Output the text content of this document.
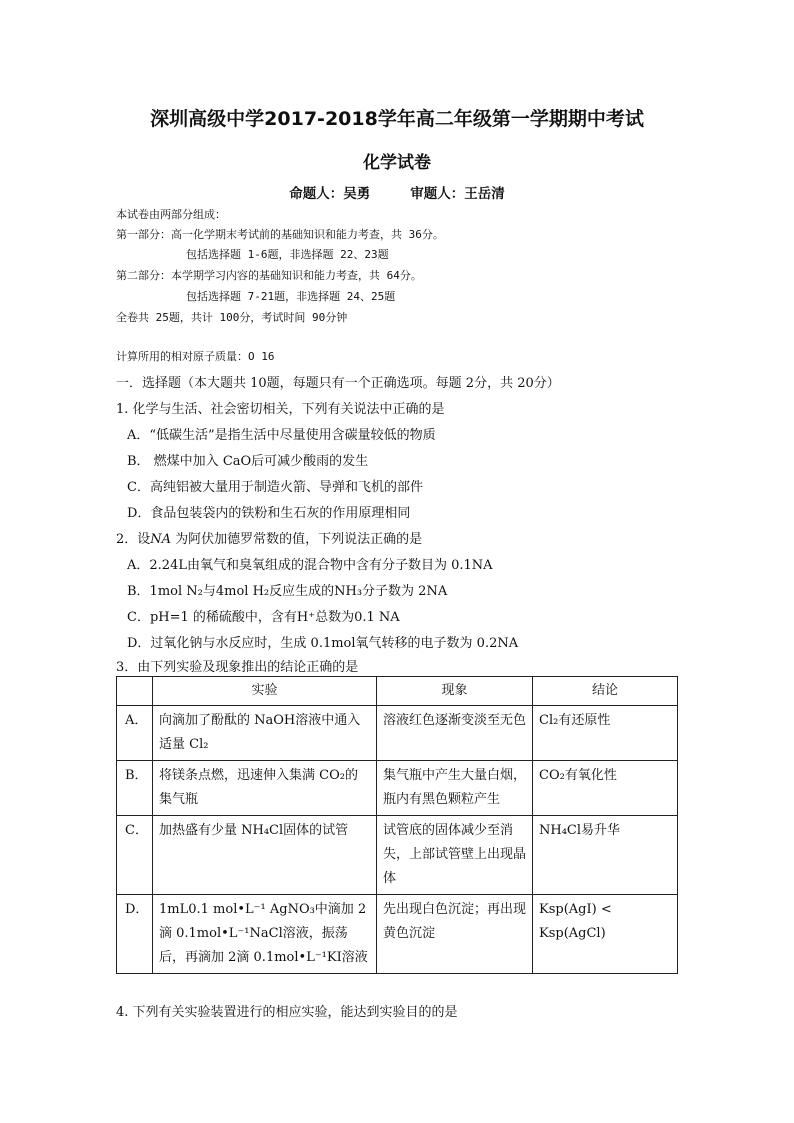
深圳高级中学2017-2018学年高二年级第一学期期中考试
化学试卷
命题人：吴勇	审题人：王岳清
本试卷由两部分组成：
第一部分：高一化学期末考试前的基础知识和能力考查，共 36分。
包括选择题 1-6题，非选择题 22、23题
第二部分：本学期学习内容的基础知识和能力考查，共 64分。
包括选择题 7-21题，非选择题 24、25题
全卷共 25题，共计 100分，考试时间 90分钟
计算所用的相对原子质量：O 16
一．选择题（本大题共 10题，每题只有一个正确选项。每题 2分，共 20分）
1. 化学与生活、社会密切相关，下列有关说法中正确的是
A．“低碳生活”是指生活中尽量使用含碳量较低的物质
B． 燃煤中加入 CaO后可减少酸雨的发生
C．高纯铝被大量用于制造火箭、导弹和飞机的部件
D．食品包装袋内的铁粉和生石灰的作用原理相同
2．设NA 为阿伏加德罗常数的值，下列说法正确的是
A．2.24L由氧气和臭氧组成的混合物中含有分子数目为 0.1NA
B．1mol N₂与4mol H₂反应生成的NH₃分子数为 2NA
C．pH=1 的稀硫酸中，含有H⁺总数为0.1 NA
D．过氧化钠与水反应时，生成 0.1mol氧气转移的电子数为 0.2NA
3．由下列实验及现象推出的结论正确的是
	实验	现象	结论
A．	向滴加了酚酞的 NaOH溶液中通入适量 Cl₂	溶液红色逐渐变淡至无色	Cl₂有还原性
B．	将镁条点燃，迅速伸入集满 CO₂的集气瓶	集气瓶中产生大量白烟，瓶内有黑色颗粒产生	CO₂有氧化性
C．	加热盛有少量 NH₄Cl固体的试管	试管底的固体减少至消失，上部试管壁上出现晶体	NH₄Cl易升华
D．	1mL0.1 mol•L⁻¹ AgNO₃中滴加 2滴 0.1mol•L⁻¹NaCl溶液，振荡后，再滴加 2滴 0.1mol•L⁻¹KI溶液	先出现白色沉淀；再出现黄色沉淀	Ksp(AgI) < Ksp(AgCl)
4. 下列有关实验装置进行的相应实验，能达到实验目的的是
